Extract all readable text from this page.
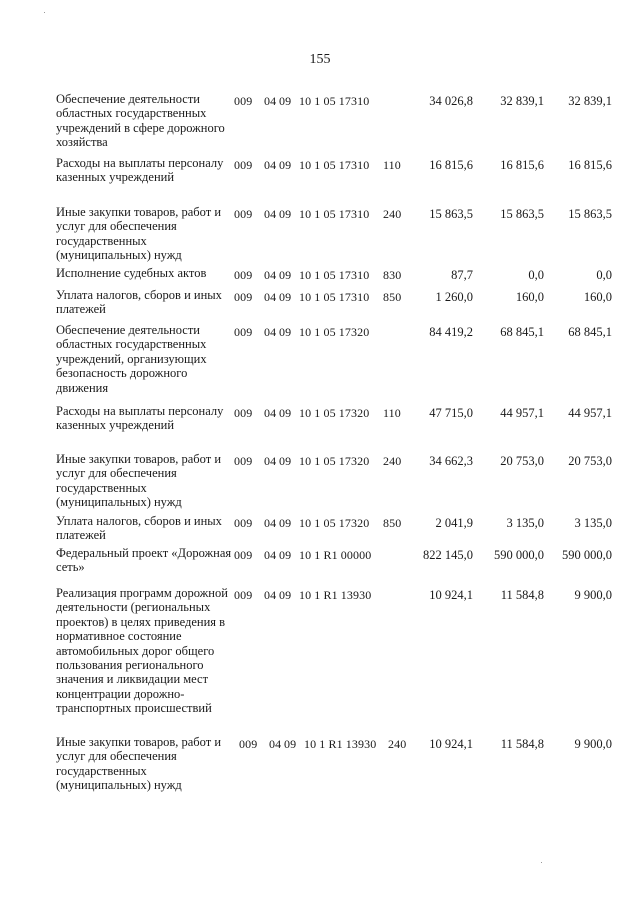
155
Обеспечение деятельности областных государственных учреждений в сфере дорожного хозяйства
009 04 09 10 1 05 17310	34 026,8	32 839,1	32 839,1
Расходы на выплаты персоналу казенных учреждений
009 04 09 10 1 05 17310 110	16 815,6	16 815,6	16 815,6
Иные закупки товаров, работ и услуг для обеспечения государственных (муниципальных) нужд
009 04 09 10 1 05 17310 240	15 863,5	15 863,5	15 863,5
Исполнение судебных актов	009 04 09 10 1 05 17310 830	87,7	0,0	0,0
Уплата налогов, сборов и иных платежей
009 04 09 10 1 05 17310 850	1 260,0	160,0	160,0
Обеспечение деятельности областных государственных учреждений, организующих безопасность дорожного движения
009 04 09 10 1 05 17320	84 419,2	68 845,1	68 845,1
Расходы на выплаты персоналу казенных учреждений
009 04 09 10 1 05 17320 110	47 715,0	44 957,1	44 957,1
Иные закупки товаров, работ и услуг для обеспечения государственных (муниципальных) нужд
009 04 09 10 1 05 17320 240	34 662,3	20 753,0	20 753,0
Уплата налогов, сборов и иных платежей
009 04 09 10 1 05 17320 850	2 041,9	3 135,0	3 135,0
Федеральный проект «Дорожная сеть»
009 04 09 10 1 R1 00000	822 145,0	590 000,0	590 000,0
Реализация программ дорожной деятельности (региональных проектов) в целях приведения в нормативное состояние автомобильных дорог общего пользования регионального значения и ликвидации мест концентрации дорожно-транспортных происшествий
009 04 09 10 1 R1 13930	10 924,1	11 584,8	9 900,0
Иные закупки товаров, работ и услуг для обеспечения государственных (муниципальных) нужд
009 04 09 10 1 R1 13930 240	10 924,1	11 584,8	9 900,0
